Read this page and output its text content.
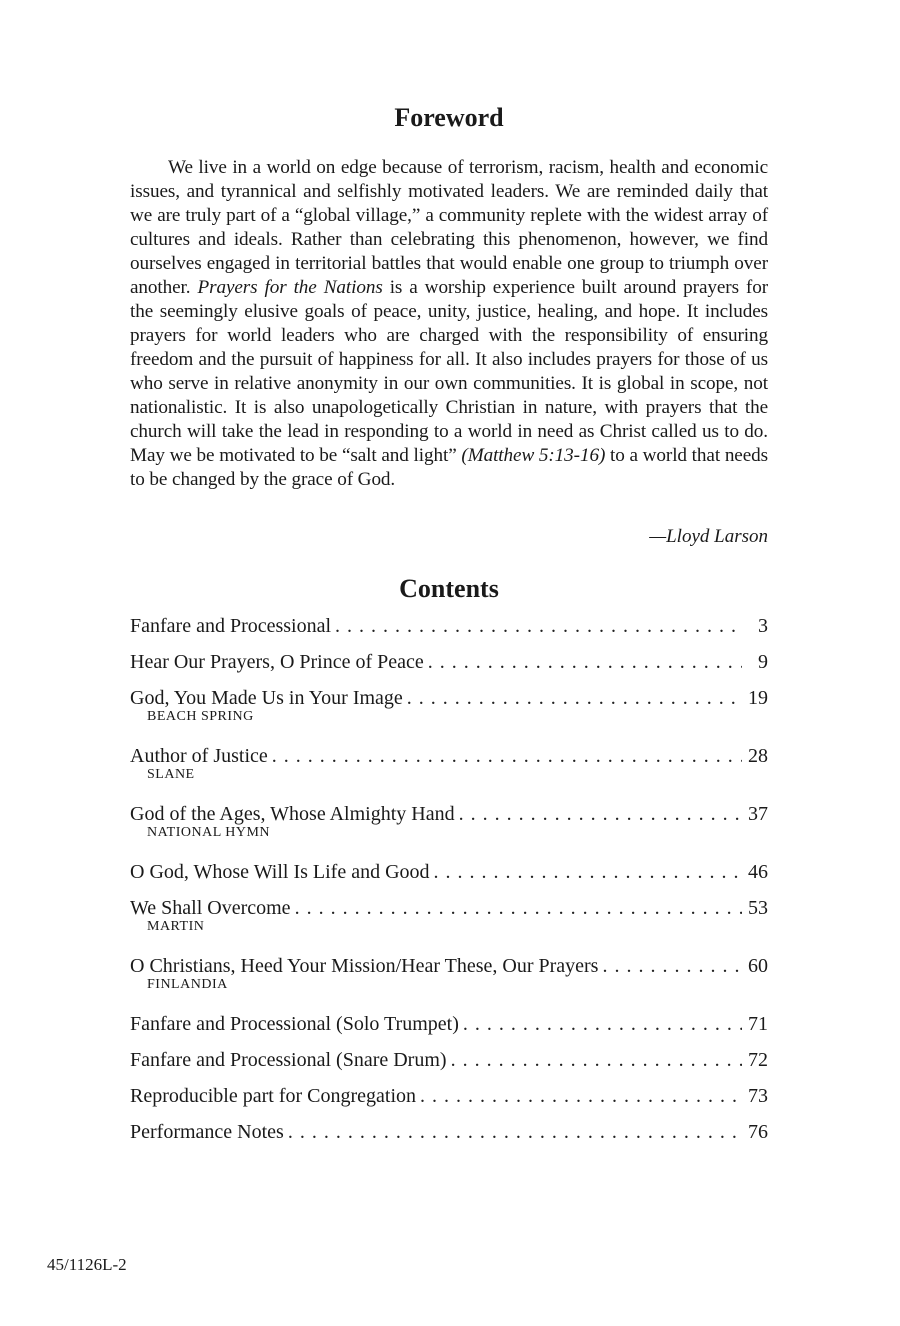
Foreword

We live in a world on edge because of terrorism, racism, health and economic issues, and tyrannical and selfishly motivated leaders. We are reminded daily that we are truly part of a “global village,” a community replete with the widest array of cultures and ideals. Rather than celebrating this phenomenon, however, we find ourselves engaged in territorial battles that would enable one group to triumph over another. Prayers for the Nations is a worship experience built around prayers for the seemingly elusive goals of peace, unity, justice, healing, and hope. It includes prayers for world leaders who are charged with the responsibility of ensuring freedom and the pursuit of happiness for all. It also includes prayers for those of us who serve in relative anonymity in our own communities. It is global in scope, not nationalistic. It is also unapologetically Christian in nature, with prayers that the church will take the lead in responding to a world in need as Christ called us to do. May we be motivated to be “salt and light” (Matthew 5:13-16) to a world that needs to be changed by the grace of God.

—Lloyd Larson
Contents
Fanfare and Processional . . .	3
Hear Our Prayers, O Prince of Peace . . .	9
God, You Made Us in Your Image . . .	19
BEACH SPRING
Author of Justice . . .	28
SLANE
God of the Ages, Whose Almighty Hand . . .	37
NATIONAL HYMN
O God, Whose Will Is Life and Good . . .	46
We Shall Overcome . . .	53
MARTIN
O Christians, Heed Your Mission/Hear These, Our Prayers . . .	60
FINLANDIA
Fanfare and Processional (Solo Trumpet) . . .	71
Fanfare and Processional (Snare Drum) . . .	72
Reproducible part for Congregation . . .	73
Performance Notes . . .	76
45/1126L-2
